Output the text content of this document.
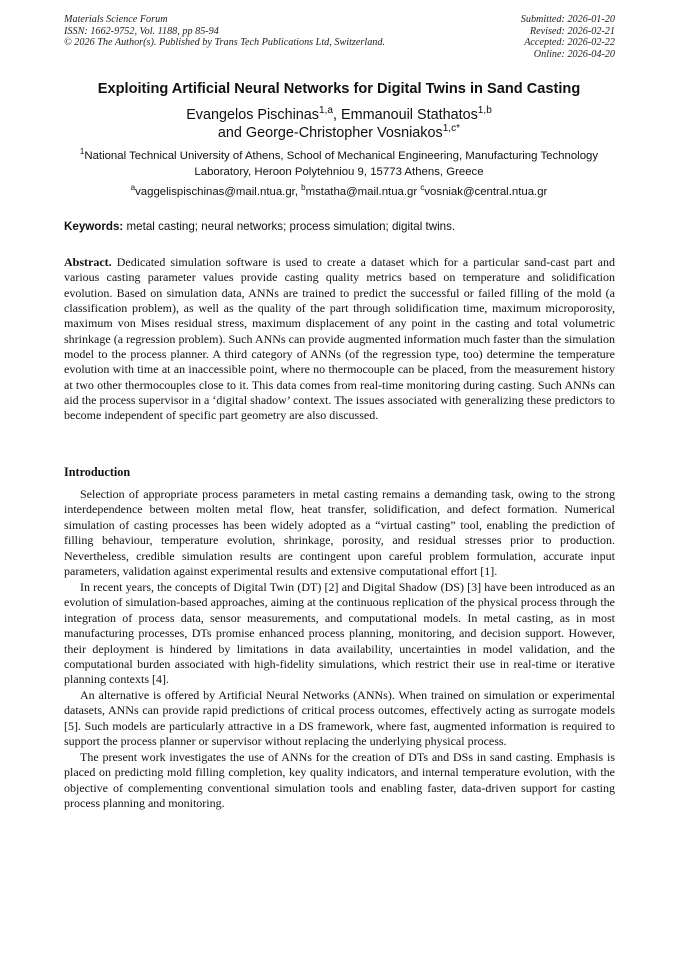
Materials Science Forum
ISSN: 1662-9752, Vol. 1188, pp 85-94
© 2026 The Author(s). Published by Trans Tech Publications Ltd, Switzerland.
Submitted: 2026-01-20
Revised: 2026-02-21
Accepted: 2026-02-22
Online: 2026-04-20
Exploiting Artificial Neural Networks for Digital Twins in Sand Casting
Evangelos Pischinas$^{1,a}$, Emmanouil Stathatos$^{1,b}$
and George-Christopher Vosniakos$^{1,c*}$
$^1$National Technical University of Athens, School of Mechanical Engineering, Manufacturing Technology Laboratory, Heroon Polytehniou 9, 15773 Athens, Greece
$^a$vaggelispischinas@mail.ntua.gr, $^b$mstatha@mail.ntua.gr $^c$vosniak@central.ntua.gr
Keywords: metal casting; neural networks; process simulation; digital twins.

Abstract. Dedicated simulation software is used to create a dataset which for a particular sand-cast part and various casting parameter values provide casting quality metrics based on temperature and solidification evolution. Based on simulation data, ANNs are trained to predict the successful or failed filling of the mold (a classification problem), as well as the quality of the part through solidification time, maximum microporosity, maximum von Mises residual stress, maximum displacement of any point in the casting and total volumetric shrinkage (a regression problem). Such ANNs can provide augmented information much faster than the simulation model to the process planner. A third category of ANNs (of the regression type, too) determine the temperature evolution with time at an inaccessible point, where no thermocouple can be placed, from the measurement history at two other thermocouples close to it. This data comes from real-time monitoring during casting. Such ANNs can aid the process supervisor in a ‘digital shadow’ context. The issues associated with generalizing these predictors to become independent of specific part geometry are also discussed.

Introduction

Selection of appropriate process parameters in metal casting remains a demanding task, owing to the strong interdependence between molten metal flow, heat transfer, solidification, and defect formation. Numerical simulation of casting processes has been widely adopted as a “virtual casting” tool, enabling the prediction of filling behaviour, temperature evolution, shrinkage, porosity, and residual stresses prior to production. Nevertheless, credible simulation results are contingent upon careful problem formulation, accurate input parameters, validation against experimental results and extensive computational effort [1].

In recent years, the concepts of Digital Twin (DT) [2] and Digital Shadow (DS) [3] have been introduced as an evolution of simulation-based approaches, aiming at the continuous replication of the physical process through the integration of process data, sensor measurements, and computational models. In metal casting, as in most manufacturing processes, DTs promise enhanced process planning, monitoring, and decision support. However, their deployment is hindered by limitations in data availability, uncertainties in model validation, and the computational burden associated with high-fidelity simulations, which restrict their use in real-time or iterative planning contexts [4].

An alternative is offered by Artificial Neural Networks (ANNs). When trained on simulation or experimental datasets, ANNs can provide rapid predictions of critical process outcomes, effectively acting as surrogate models [5]. Such models are particularly attractive in a DS framework, where fast, augmented information is required to support the process planner or supervisor without replacing the underlying physical process.

The present work investigates the use of ANNs for the creation of DTs and DSs in sand casting. Emphasis is placed on predicting mold filling completion, key quality indicators, and internal temperature evolution, with the objective of complementing conventional simulation tools and enabling faster, data-driven support for casting process planning and monitoring.
